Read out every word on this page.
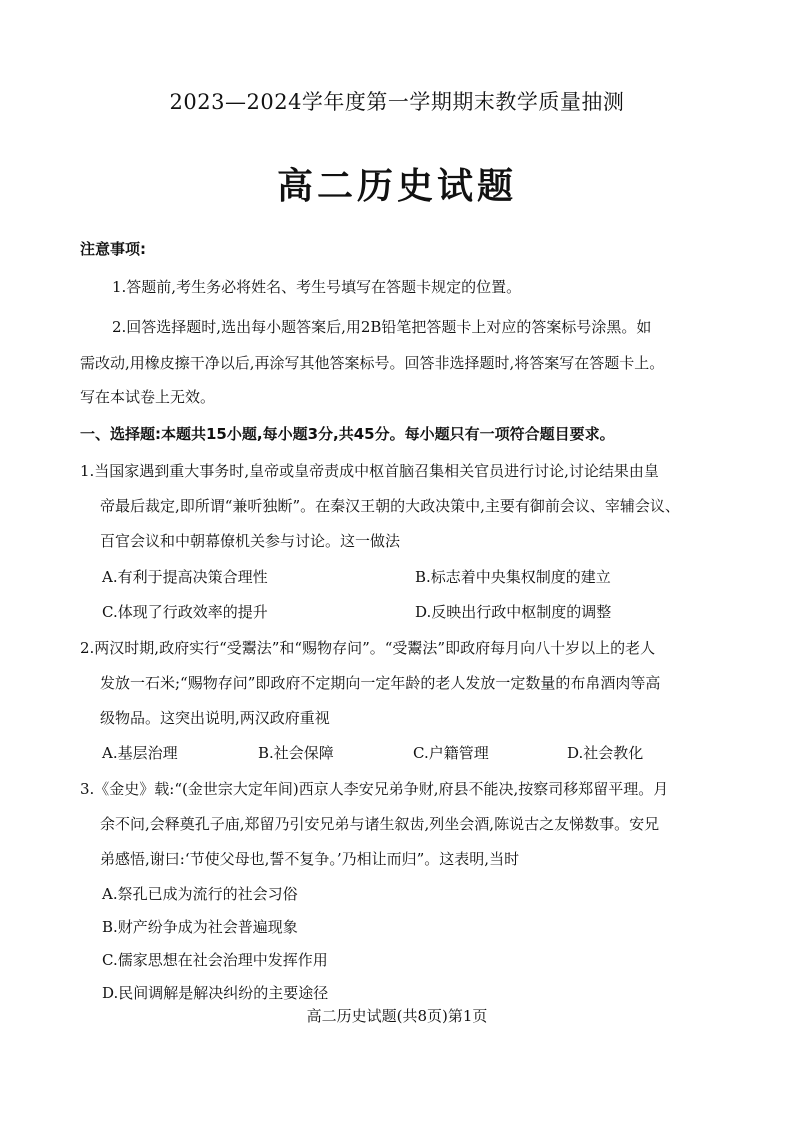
2023—2024学年度第一学期期末教学质量抽测
高二历史试题
注意事项:
1.答题前,考生务必将姓名、考生号填写在答题卡规定的位置。
2.回答选择题时,选出每小题答案后,用2B铅笔把答题卡上对应的答案标号涂黑。如
需改动,用橡皮擦干净以后,再涂写其他答案标号。回答非选择题时,将答案写在答题卡上。
写在本试卷上无效。
一、选择题:本题共15小题,每小题3分,共45分。每小题只有一项符合题目要求。
1.当国家遇到重大事务时,皇帝或皇帝责成中枢首脑召集相关官员进行讨论,讨论结果由皇
帝最后裁定,即所谓“兼听独断”。在秦汉王朝的大政决策中,主要有御前会议、宰辅会议、
百官会议和中朝幕僚机关参与讨论。这一做法
A.有利于提高决策合理性	B.标志着中央集权制度的建立
C.体现了行政效率的提升	D.反映出行政中枢制度的调整
2.两汉时期,政府实行“受鬻法”和“赐物存问”。“受鬻法”即政府每月向八十岁以上的老人
发放一石米;“赐物存问”即政府不定期向一定年龄的老人发放一定数量的布帛酒肉等高
级物品。这突出说明,两汉政府重视
A.基层治理	B.社会保障	C.户籍管理	D.社会教化
3.《金史》载:“(金世宗大定年间)西京人李安兄弟争财,府县不能决,按察司移郑留平理。月
余不问,会释奠孔子庙,郑留乃引安兄弟与诸生叙齿,列坐会酒,陈说古之友悌数事。安兄
弟感悟,谢曰:‘节使父母也,誓不复争。’乃相让而归”。这表明,当时
A.祭孔已成为流行的社会习俗
B.财产纷争成为社会普遍现象
C.儒家思想在社会治理中发挥作用
D.民间调解是解决纠纷的主要途径
高二历史试题(共8页)第1页
